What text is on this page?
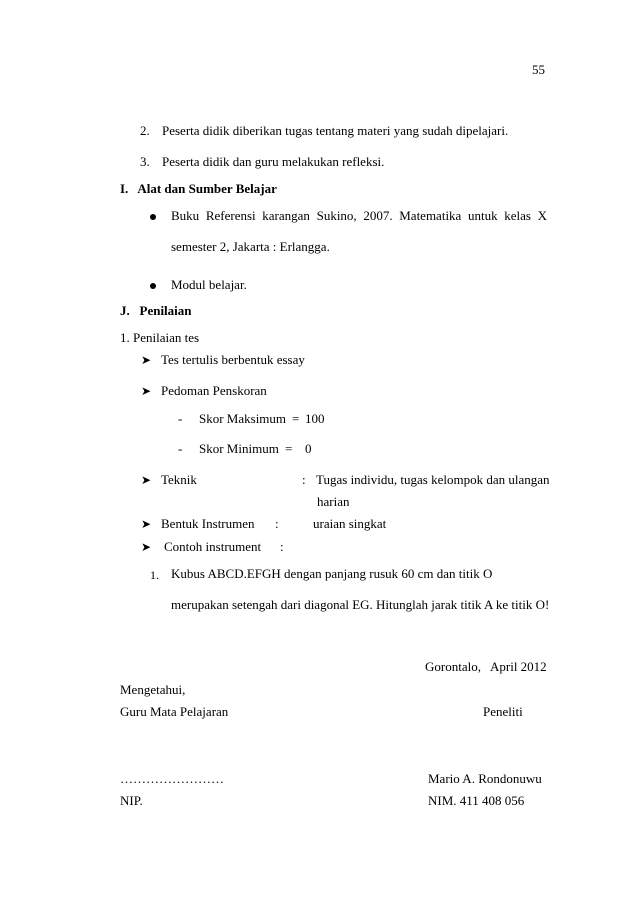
55
2. Peserta didik diberikan tugas tentang materi yang sudah dipelajari.
3. Peserta didik dan guru melakukan refleksi.
I.   Alat dan Sumber Belajar
Buku Referensi karangan Sukino, 2007. Matematika untuk kelas X
semester 2, Jakarta : Erlangga.
Modul belajar.
J.   Penilaian
1. Penilaian tes
➤ Tes tertulis berbentuk essay
➤ Pedoman Penskoran
- Skor Maksimum = 100
- Skor Minimum = 0
➤ Teknik	: Tugas individu, tugas kelompok dan ulangan
harian
➤ Bentuk Instrumen :	uraian singkat
➤ Contoh instrument :
1. Kubus ABCD.EFGH dengan panjang rusuk 60 cm dan titik O
merupakan setengah dari diagonal EG. Hitunglah jarak titik A ke titik O!
Gorontalo,   April 2012
Mengetahui,
Guru Mata Pelajaran	Peneliti
……………………	Mario A. Rondonuwu
NIP.	NIM. 411 408 056
